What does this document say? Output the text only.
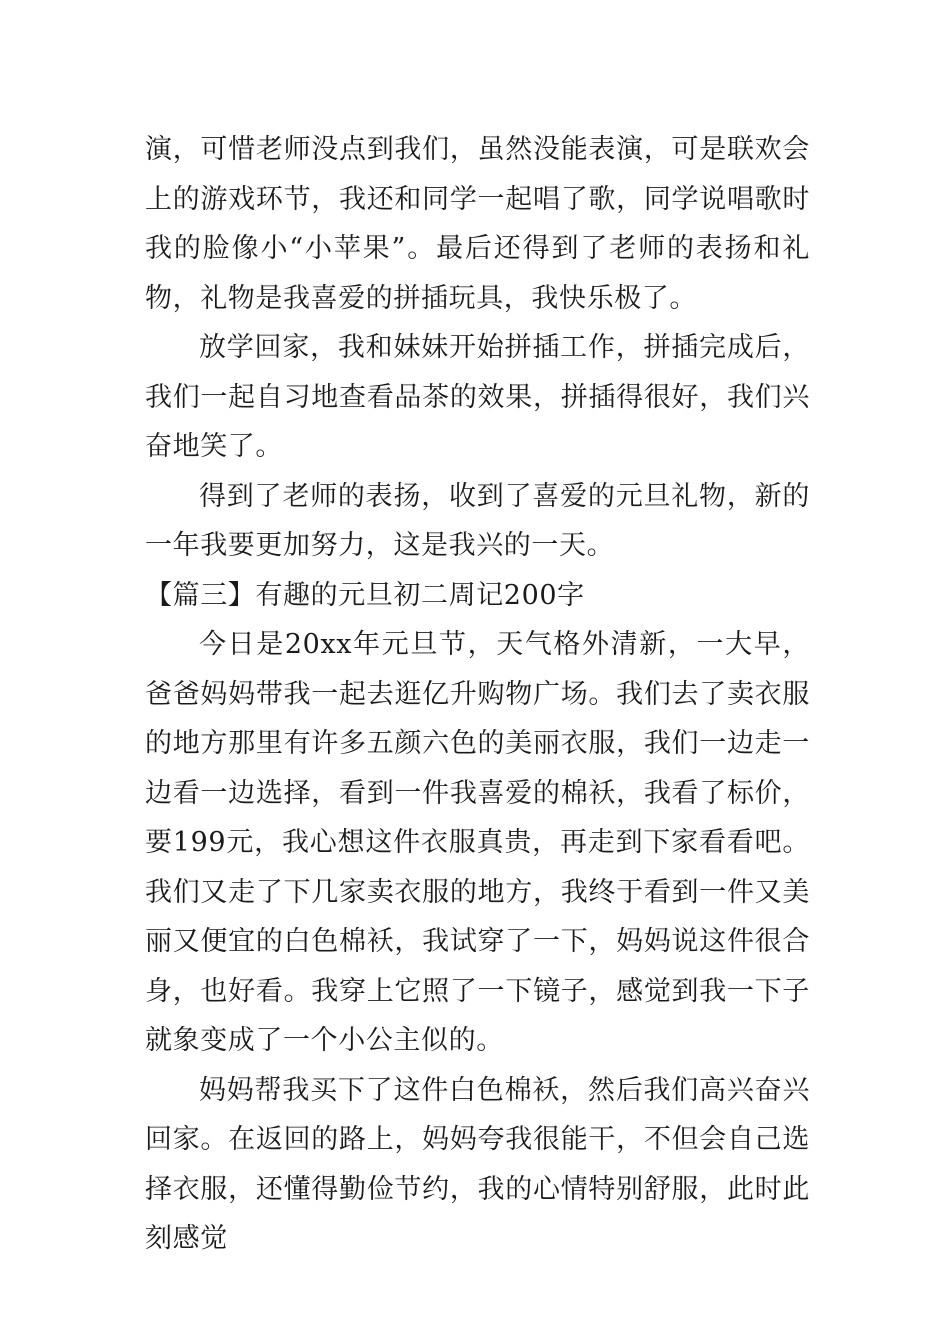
演，可惜老师没点到我们，虽然没能表演，可是联欢会上的游戏环节，我还和同学一起唱了歌，同学说唱歌时我的脸像小“小苹果”。最后还得到了老师的表扬和礼物，礼物是我喜爱的拼插玩具，我快乐极了。

放学回家，我和妹妹开始拼插工作，拼插完成后，我们一起自习地查看品茶的效果，拼插得很好，我们兴奋地笑了。

得到了老师的表扬，收到了喜爱的元旦礼物，新的一年我要更加努力，这是我兴的一天。

【篇三】有趣的元旦初二周记200字

今日是20xx年元旦节，天气格外清新，一大早，爸爸妈妈带我一起去逛亿升购物广场。我们去了卖衣服的地方那里有许多五颜六色的美丽衣服，我们一边走一边看一边选择，看到一件我喜爱的棉袄，我看了标价，要199元，我心想这件衣服真贵，再走到下家看看吧。我们又走了下几家卖衣服的地方，我终于看到一件又美丽又便宜的白色棉袄，我试穿了一下，妈妈说这件很合身，也好看。我穿上它照了一下镜子，感觉到我一下子就象变成了一个小公主似的。

妈妈帮我买下了这件白色棉袄，然后我们高兴奋兴回家。在返回的路上，妈妈夸我很能干，不但会自己选择衣服，还懂得勤俭节约，我的心情特别舒服，此时此刻感觉
